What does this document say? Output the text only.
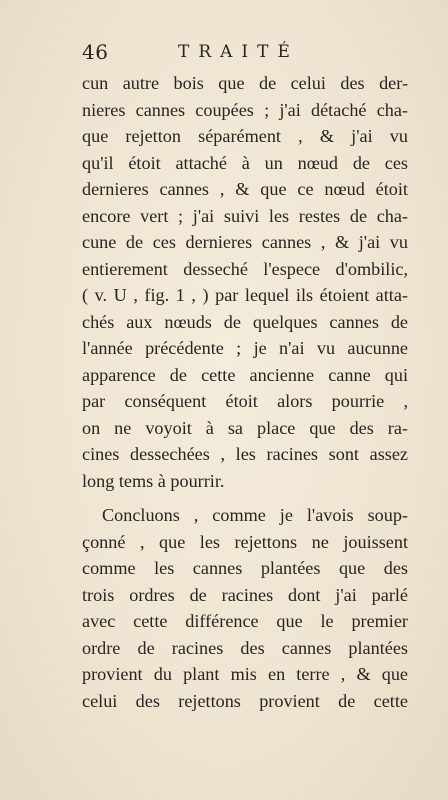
46	TRAITÉ
cun autre bois que de celui des der-
nieres cannes coupées ; j'ai détaché cha-
que rejetton séparément , & j'ai vu
qu'il étoit attaché à un nœud de ces
dernieres cannes , & que ce nœud étoit
encore vert ; j'ai suivi les restes de cha-
cune de ces dernieres cannes , & j'ai vu
entierement desseché l'espece d'ombilic,
( v. U , fig. 1 , ) par lequel ils étoient atta-
chés aux nœuds de quelques cannes de
l'année précédente ; je n'ai vu aucunne
apparence de cette ancienne canne qui
par conséquent étoit alors pourrie ,
on ne voyoit à sa place que des ra-
cines dessechées , les racines sont assez
long tems à pourrir.
Concluons , comme je l'avois soup-
çonné , que les rejettons ne jouissent
comme les cannes plantées que des
trois ordres de racines dont j'ai parlé
avec cette différence que le premier
ordre de racines des cannes plantées
provient du plant mis en terre , & que
celui des rejettons provient de cette
